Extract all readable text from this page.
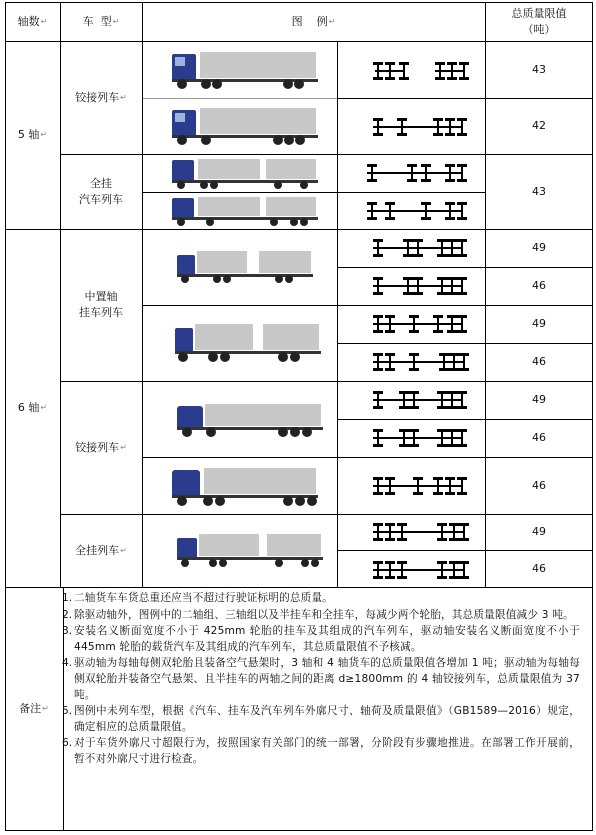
轴数 ↵	车  型 ↵	图    例 ↵
总质量限值
（吨）
5 轴 ↵
6 轴 ↵
铰接列车 ↵
全挂
汽车列车
中置轴
挂车列车
铰接列车 ↵
全挂列车 ↵
43
42
43
49
46
49
46
49
46
46
49
46
备注 ↵
1. 二轴货车车货总重还应当不超过行驶证标明的总质量。
2. 除驱动轴外，图例中的二轴组、三轴组以及半挂车和全挂车，每减少两个轮胎，其总质量限值减少 3 吨。
3. 安装名义断面宽度不小于 425mm 轮胎的挂车及其组成的汽车列车，驱动轴安装名义断面宽度不小于 445mm 轮胎的载货汽车及其组成的汽车列车，其总质量限值不予核减。
4. 驱动轴为每轴每侧双轮胎且装备空气悬架时，3 轴和 4 轴货车的总质量限值各增加 1 吨；驱动轴为每轴每侧双轮胎并装备空气悬架、且半挂车的两轴之间的距离 d≥1800mm 的 4 轴铰接列车，总质量限值为 37 吨。
5. 图例中未列车型，根据《汽车、挂车及汽车列车外廓尺寸、轴荷及质量限值》（GB1589—2016）规定，确定相应的总质量限值。
6. 对于车货外廓尺寸超限行为，按照国家有关部门的统一部署，分阶段有步骤地推进。在部署工作开展前，暂不对外廓尺寸进行检查。
